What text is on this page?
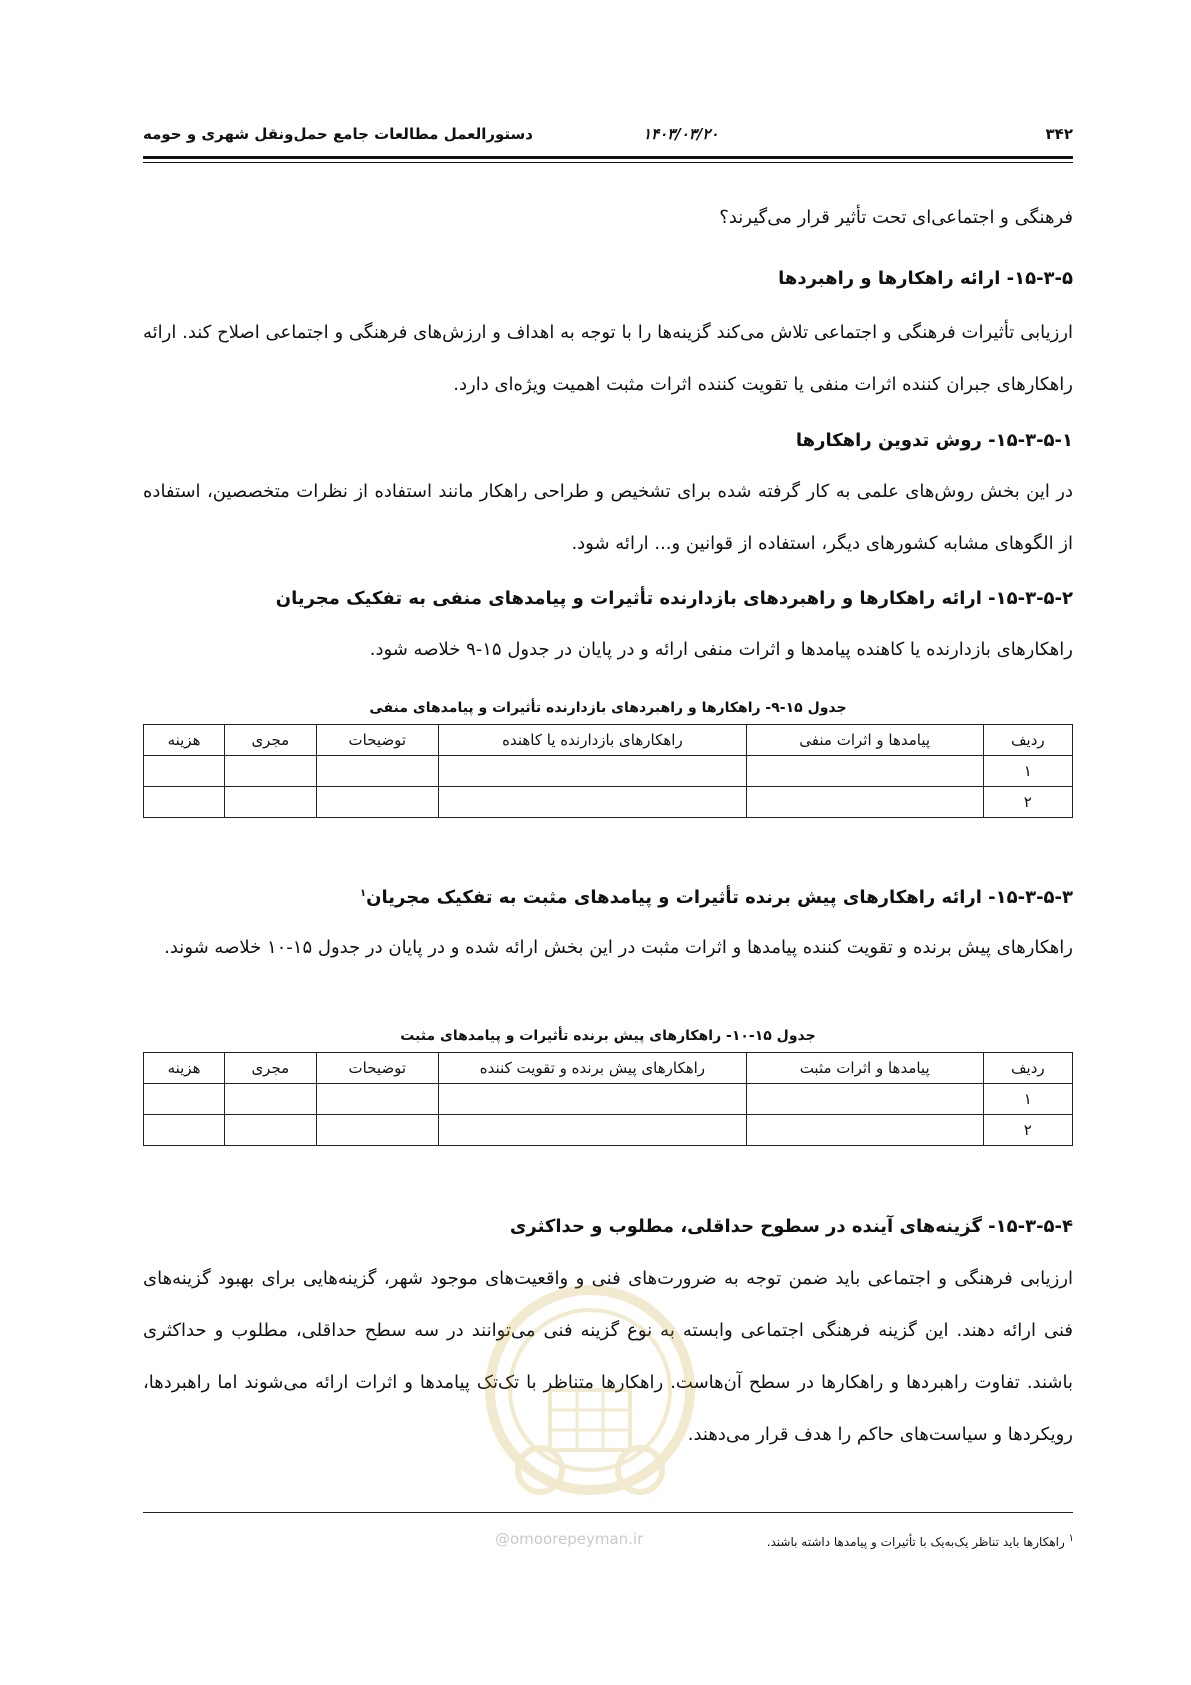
دستورالعمل مطالعات جامع حمل‌ونقل شهری و حومه	۱۴۰۳/۰۳/۲۰	۳۴۲

فرهنگی و اجتماعی‌ای تحت تأثیر قرار می‌گیرند؟

۱۵-۳-۵- ارائه راهکارها و راهبردها

ارزیابی تأثیرات فرهنگی و اجتماعی تلاش می‌کند گزینه‌ها را با توجه به اهداف و ارزش‌های فرهنگی و اجتماعی اصلاح کند. ارائه راهکارهای جبران کننده اثرات منفی یا تقویت کننده اثرات مثبت اهمیت ویژه‌ای دارد.

۱۵-۳-۵-۱- روش تدوین راهکارها

در این بخش روش‌های علمی به کار گرفته شده برای تشخیص و طراحی راهکار مانند استفاده از نظرات متخصصین، استفاده از الگوهای مشابه کشورهای دیگر، استفاده از قوانین و... ارائه شود.

۱۵-۳-۵-۲- ارائه راهکارها و راهبردهای بازدارنده تأثیرات و پیامدهای منفی به تفکیک مجریان

راهکارهای بازدارنده یا کاهنده پیامدها و اثرات منفی ارائه و در پایان در جدول ۱۵-۹ خلاصه شود.

جدول ۱۵-۹- راهکارها و راهبردهای بازدارنده تأثیرات و پیامدهای منفی

ردیف	پیامدها و اثرات منفی	راهکارهای بازدارنده یا کاهنده	توضیحات	مجری	هزینه
۱					
۲					

۱۵-۳-۵-۳- ارائه راهکارهای پیش برنده تأثیرات و پیامدهای مثبت به تفکیک مجریان$^۱$

راهکارهای پیش برنده و تقویت کننده پیامدها و اثرات مثبت در این بخش ارائه شده و در پایان در جدول ۱۵-۱۰ خلاصه شوند.

جدول ۱۵-۱۰- راهکارهای پیش برنده تأثیرات و پیامدهای مثبت

ردیف	پیامدها و اثرات مثبت	راهکارهای پیش برنده و تقویت کننده	توضیحات	مجری	هزینه
۱					
۲					

۱۵-۳-۵-۴- گزینه‌های آینده در سطوح حداقلی، مطلوب و حداکثری

ارزیابی فرهنگی و اجتماعی باید ضمن توجه به ضرورت‌های فنی و واقعیت‌های موجود شهر، گزینه‌هایی برای بهبود گزینه‌های فنی ارائه دهند. این گزینه فرهنگی اجتماعی وابسته به نوع گزینه فنی می‌توانند در سه سطح حداقلی، مطلوب و حداکثری باشند. تفاوت راهبردها و راهکارها در سطح آن‌هاست. راهکارها متناظر با تک‌تک پیامدها و اثرات ارائه می‌شوند اما راهبردها، رویکردها و سیاست‌های حاکم را هدف قرار می‌دهند.

@omoorepeyman.ir	$^۱$ راهکارها باید تناظر یک‌به‌یک با تأثیرات و پیامدها داشته باشند.
